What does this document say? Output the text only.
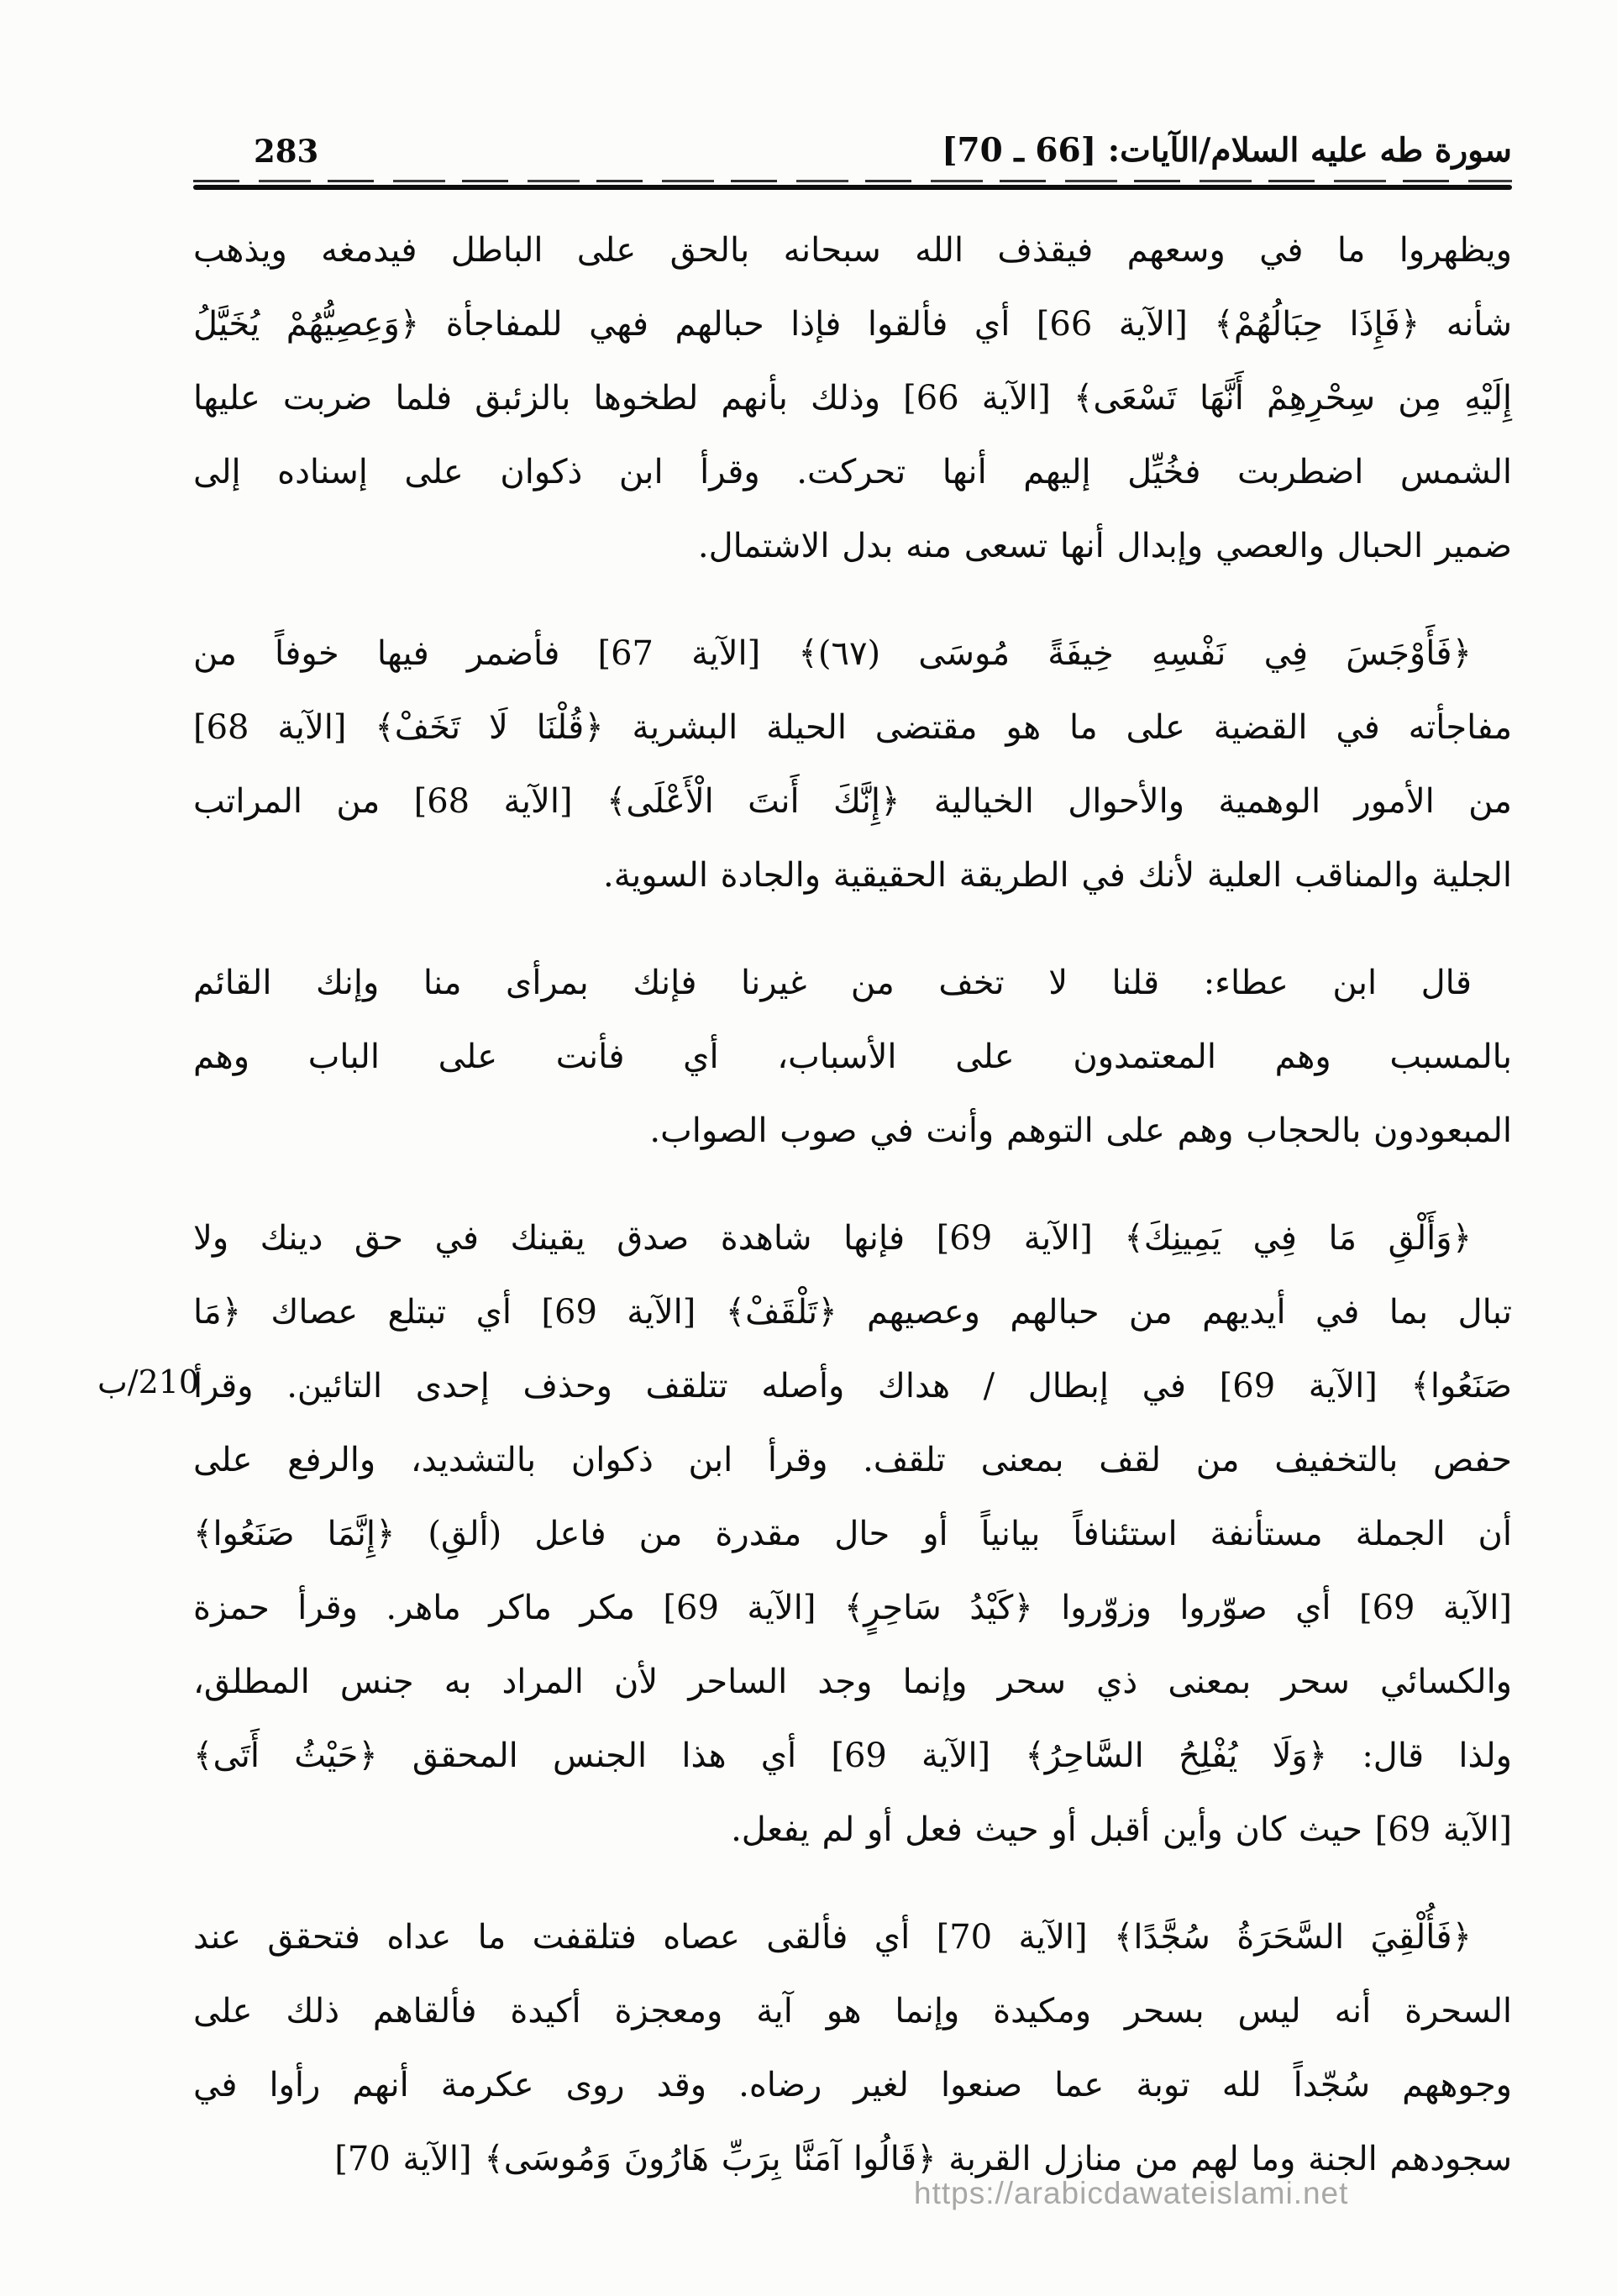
سورة طه عليه السلام/الآيات: [66 ـ 70]
283
ويظهروا ما في وسعهم فيقذف الله سبحانه بالحق على الباطل فيدمغه ويذهب
شأنه ﴿فَإِذَا حِبَالُهُمْ﴾ [الآية 66] أي فألقوا فإذا حبالهم فهي للمفاجأة ﴿وَعِصِيُّهُمْ يُخَيَّلُ
إِلَيْهِ مِن سِحْرِهِمْ أَنَّهَا تَسْعَى﴾ [الآية 66] وذلك بأنهم لطخوها بالزئبق فلما ضربت عليها
الشمس اضطربت فخُيِّل إليهم أنها تحركت. وقرأ ابن ذكوان على إسناده إلى
ضمير الحبال والعصي وإبدال أنها تسعى منه بدل الاشتمال.
﴿فَأَوْجَسَ فِي نَفْسِهِ خِيفَةً مُوسَى (٦٧)﴾ [الآية 67] فأضمر فيها خوفاً من
مفاجأته في القضية على ما هو مقتضى الحيلة البشرية ﴿قُلْنَا لَا تَخَفْ﴾ [الآية 68]
من الأمور الوهمية والأحوال الخيالية ﴿إِنَّكَ أَنتَ الْأَعْلَى﴾ [الآية 68] من المراتب
الجلية والمناقب العلية لأنك في الطريقة الحقيقية والجادة السوية.
قال ابن عطاء: قلنا لا تخف من غيرنا فإنك بمرأى منا وإنك القائم
بالمسبب وهم المعتمدون على الأسباب، أي فأنت على الباب وهم
المبعودون بالحجاب وهم على التوهم وأنت في صوب الصواب.
﴿وَأَلْقِ مَا فِي يَمِينِكَ﴾ [الآية 69] فإنها شاهدة صدق يقينك في حق دينك ولا
تبال بما في أيديهم من حبالهم وعصيهم ﴿تَلْقَفْ﴾ [الآية 69] أي تبتلع عصاك ﴿مَا
صَنَعُوا﴾ [الآية 69] في إبطال / هداك وأصله تتلقف وحذف إحدى التائين. وقرأ
حفص بالتخفيف من لقف بمعنى تلقف. وقرأ ابن ذكوان بالتشديد، والرفع على
أن الجملة مستأنفة استئنافاً بيانياً أو حال مقدرة من فاعل (ألقِ) ﴿إِنَّمَا صَنَعُوا﴾
[الآية 69] أي صوّروا وزوّروا ﴿كَيْدُ سَاحِرٍ﴾ [الآية 69] مكر ماكر ماهر. وقرأ حمزة
والكسائي سحر بمعنى ذي سحر وإنما وجد الساحر لأن المراد به جنس المطلق،
ولذا قال: ﴿وَلَا يُفْلِحُ السَّاحِرُ﴾ [الآية 69] أي هذا الجنس المحقق ﴿حَيْثُ أَتَى﴾
[الآية 69] حيث كان وأين أقبل أو حيث فعل أو لم يفعل.
﴿فَأُلْقِيَ السَّحَرَةُ سُجَّدًا﴾ [الآية 70] أي فألقى عصاه فتلقفت ما عداه فتحقق عند
السحرة أنه ليس بسحر ومكيدة وإنما هو آية ومعجزة أكيدة فألقاهم ذلك على
وجوههم سُجّداً لله توبة عما صنعوا لغير رضاه. وقد روى عكرمة أنهم رأوا في
سجودهم الجنة وما لهم من منازل القربة ﴿قَالُوا آمَنَّا بِرَبِّ هَارُونَ وَمُوسَى﴾ [الآية 70]
210/ب
https://arabicdawateislami.net
